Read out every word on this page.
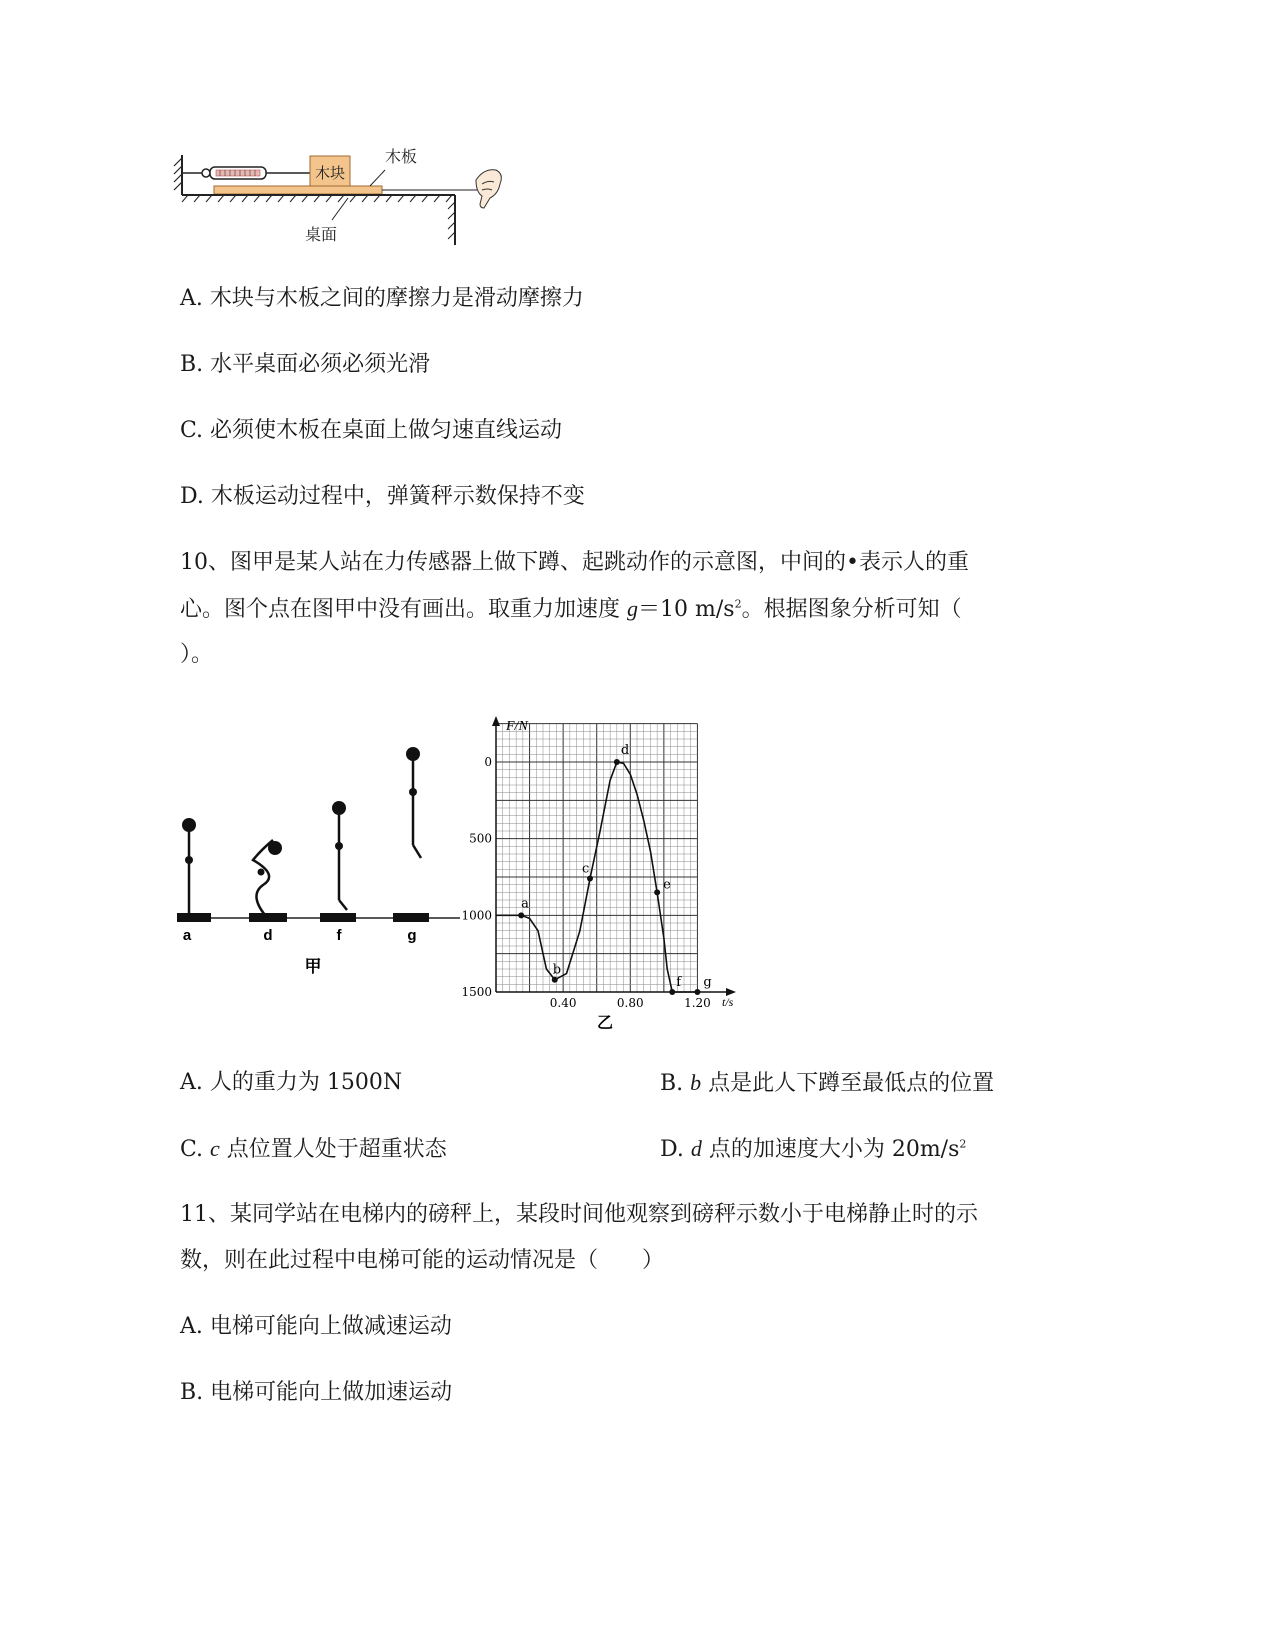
木块
木板
桌面
A. 木块与木板之间的摩擦力是滑动摩擦力
B. 水平桌面必须必须光滑
C. 必须使木板在桌面上做匀速直线运动
D. 木板运动过程中，弹簧秤示数保持不变
10、图甲是某人站在力传感器上做下蹲、起跳动作的示意图，中间的•表示人的重
心。图个点在图甲中没有画出。取重力加速度 g＝10 $m/s^2$。根据图象分析可知（
）。
a	d	f	g
甲
F/N
t/s
0
500
1000
1500
0.40	0.80	1.20
a
b
c
d
e
f g
乙
A. 人的重力为 1500N	B. b 点是此人下蹲至最低点的位置
C. c 点位置人处于超重状态	D. d 点的加速度大小为 $20m/s^2$
11、某同学站在电梯内的磅秤上，某段时间他观察到磅秤示数小于电梯静止时的示
数，则在此过程中电梯可能的运动情况是（　　）
A. 电梯可能向上做减速运动
B. 电梯可能向上做加速运动
